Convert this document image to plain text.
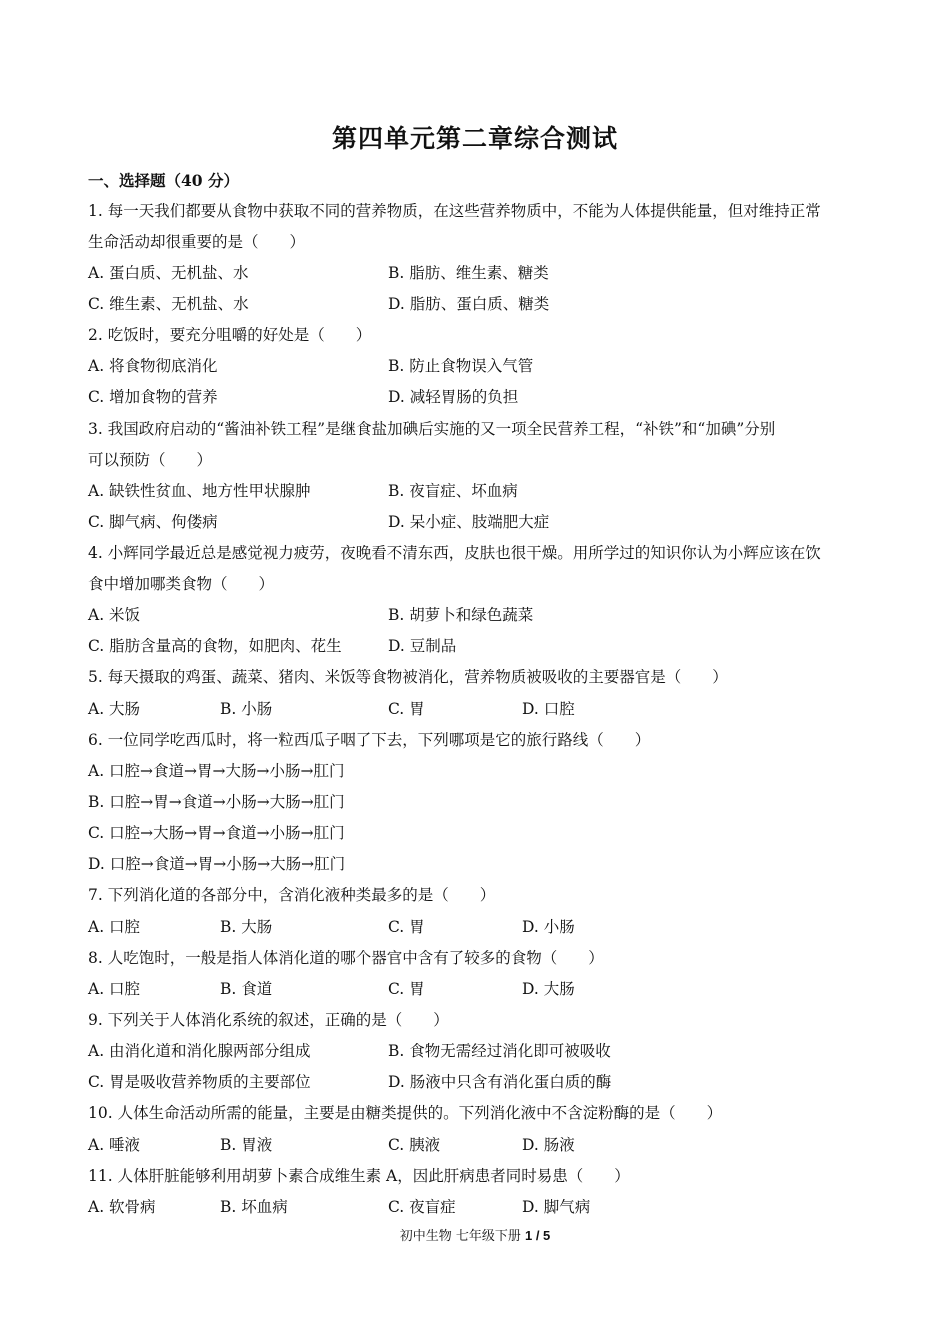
第四单元第二章综合测试
一、选择题（40 分）
1. 每一天我们都要从食物中获取不同的营养物质，在这些营养物质中，不能为人体提供能量，但对维持正常
生命活动却很重要的是（　　）
A. 蛋白质、无机盐、水	B. 脂肪、维生素、糖类
C. 维生素、无机盐、水	D. 脂肪、蛋白质、糖类
2. 吃饭时，要充分咀嚼的好处是（　　）
A. 将食物彻底消化	B. 防止食物误入气管
C. 增加食物的营养	D. 减轻胃肠的负担
3. 我国政府启动的“酱油补铁工程”是继食盐加碘后实施的又一项全民营养工程，“补铁”和“加碘”分别
可以预防（　　）
A. 缺铁性贫血、地方性甲状腺肿	B. 夜盲症、坏血病
C. 脚气病、佝偻病	D. 呆小症、肢端肥大症
4. 小辉同学最近总是感觉视力疲劳，夜晚看不清东西，皮肤也很干燥。用所学过的知识你认为小辉应该在饮
食中增加哪类食物（　　）
A. 米饭	B. 胡萝卜和绿色蔬菜
C. 脂肪含量高的食物，如肥肉、花生	D. 豆制品
5. 每天摄取的鸡蛋、蔬菜、猪肉、米饭等食物被消化，营养物质被吸收的主要器官是（　　）
A. 大肠	B. 小肠	C. 胃	D. 口腔
6. 一位同学吃西瓜时，将一粒西瓜子咽了下去，下列哪项是它的旅行路线（　　）
A. 口腔→食道→胃→大肠→小肠→肛门
B. 口腔→胃→食道→小肠→大肠→肛门
C. 口腔→大肠→胃→食道→小肠→肛门
D. 口腔→食道→胃→小肠→大肠→肛门
7. 下列消化道的各部分中，含消化液种类最多的是（　　）
A. 口腔	B. 大肠	C. 胃	D. 小肠
8. 人吃饱时，一般是指人体消化道的哪个器官中含有了较多的食物（　　）
A. 口腔	B. 食道	C. 胃	D. 大肠
9. 下列关于人体消化系统的叙述，正确的是（　　）
A. 由消化道和消化腺两部分组成	B. 食物无需经过消化即可被吸收
C. 胃是吸收营养物质的主要部位	D. 肠液中只含有消化蛋白质的酶
10. 人体生命活动所需的能量，主要是由糖类提供的。下列消化液中不含淀粉酶的是（　　）
A. 唾液	B. 胃液	C. 胰液	D. 肠液
11. 人体肝脏能够利用胡萝卜素合成维生素 A，因此肝病患者同时易患（　　）
A. 软骨病	B. 坏血病	C. 夜盲症	D. 脚气病
初中生物 七年级下册 1 / 5
